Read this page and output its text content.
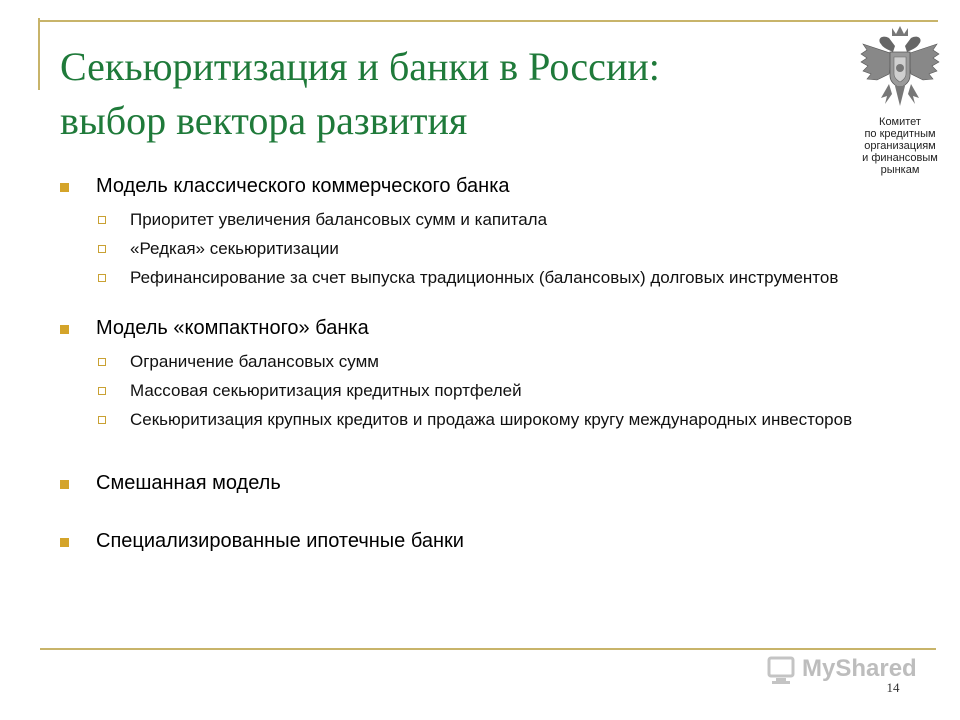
Секьюритизация и банки в России:
выбор вектора развития	Комитет
по кредитным
организациям
и финансовым
рынкам
Модель классического коммерческого банка
Приоритет увеличения балансовых сумм и капитала
«Редкая» секьюритизации
Рефинансирование за счет выпуска традиционных (балансовых) долговых инструментов
Модель «компактного» банка
Ограничение балансовых сумм
Массовая секьюритизация кредитных портфелей
Секьюритизация крупных кредитов и продажа широкому кругу международных инвесторов
Смешанная модель
Специализированные ипотечные банки
MyShared
14
